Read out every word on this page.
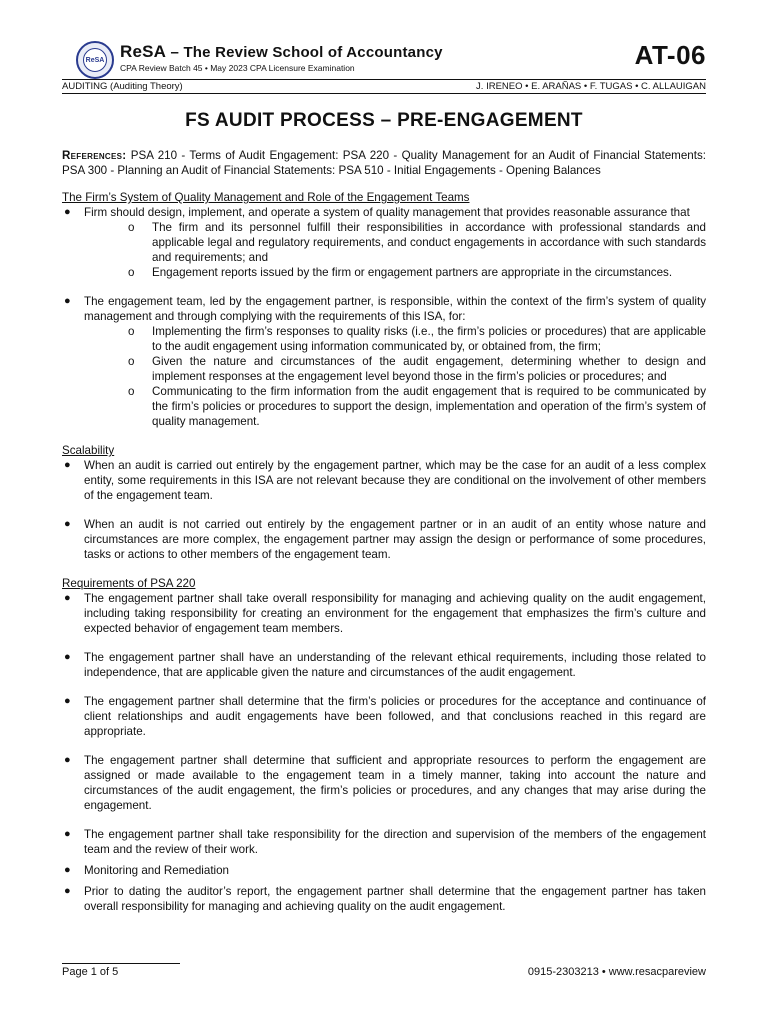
ReSA ReSA – The Review School of Accountancy
CPA Review Batch 45 • May 2023 CPA Licensure Examination	AT-06
AUDITING (Auditing Theory)	J. IRENEO • E. ARAÑAS • F. TUGAS • C. ALLAUIGAN
FS AUDIT PROCESS – PRE-ENGAGEMENT

References: PSA 210 - Terms of Audit Engagement: PSA 220 - Quality Management for an Audit of Financial Statements: PSA 300 - Planning an Audit of Financial Statements: PSA 510 - Initial Engagements - Opening Balances

The Firm’s System of Quality Management and Role of the Engagement Teams

● Firm should design, implement, and operate a system of quality management that provides reasonable assurance that
o The firm and its personnel fulfill their responsibilities in accordance with professional standards and applicable legal and regulatory requirements, and conduct engagements in accordance with such standards and requirements; and
o Engagement reports issued by the firm or engagement partners are appropriate in the circumstances.
● The engagement team, led by the engagement partner, is responsible, within the context of the firm’s system of quality management and through complying with the requirements of this ISA, for:
o Implementing the firm’s responses to quality risks (i.e., the firm’s policies or procedures) that are applicable to the audit engagement using information communicated by, or obtained from, the firm;
o Given the nature and circumstances of the audit engagement, determining whether to design and implement responses at the engagement level beyond those in the firm’s policies or procedures; and
o Communicating to the firm information from the audit engagement that is required to be communicated by the firm’s policies or procedures to support the design, implementation and operation of the firm’s system of quality management.

Scalability

● When an audit is carried out entirely by the engagement partner, which may be the case for an audit of a less complex entity, some requirements in this ISA are not relevant because they are conditional on the involvement of other members of the engagement team.
● When an audit is not carried out entirely by the engagement partner or in an audit of an entity whose nature and circumstances are more complex, the engagement partner may assign the design or performance of some procedures, tasks or actions to other members of the engagement team.

Requirements of PSA 220

● The engagement partner shall take overall responsibility for managing and achieving quality on the audit engagement, including taking responsibility for creating an environment for the engagement that emphasizes the firm’s culture and expected behavior of engagement team members.
● The engagement partner shall have an understanding of the relevant ethical requirements, including those related to independence, that are applicable given the nature and circumstances of the audit engagement.
● The engagement partner shall determine that the firm’s policies or procedures for the acceptance and continuance of client relationships and audit engagements have been followed, and that conclusions reached in this regard are appropriate.
● The engagement partner shall determine that sufficient and appropriate resources to perform the engagement are assigned or made available to the engagement team in a timely manner, taking into account the nature and circumstances of the audit engagement, the firm’s policies or procedures, and any changes that may arise during the engagement.
● The engagement partner shall take responsibility for the direction and supervision of the members of the engagement team and the review of their work.
● Monitoring and Remediation
● Prior to dating the auditor’s report, the engagement partner shall determine that the engagement partner has taken overall responsibility for managing and achieving quality on the audit engagement.
Page 1 of 5	0915-2303213 • www.resacpareview
